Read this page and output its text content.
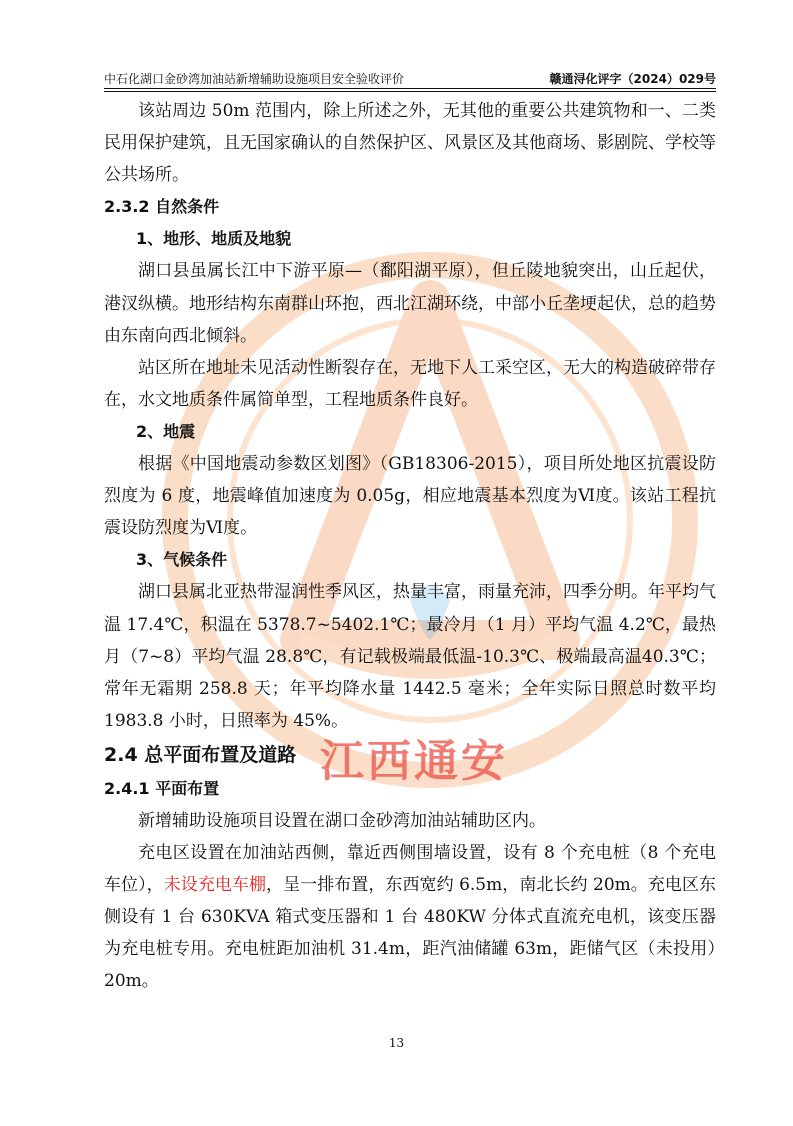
中石化湖口金砂湾加油站新增辅助设施项目安全验收评价	赣通浔化评字（2024）029号
江西通安

该站周边 50m 范围内，除上所述之外，无其他的重要公共建筑物和一、二类民用保护建筑，且无国家确认的自然保护区、风景区及其他商场、影剧院、学校等公共场所。

2.3.2 自然条件

1、地形、地质及地貌

湖口县虽属长江中下游平原—（鄱阳湖平原），但丘陵地貌突出，山丘起伏，港汊纵横。地形结构东南群山环抱，西北江湖环绕，中部小丘垄埂起伏，总的趋势由东南向西北倾斜。

站区所在地址未见活动性断裂存在，无地下人工采空区，无大的构造破碎带存在，水文地质条件属简单型，工程地质条件良好。

2、地震

根据《中国地震动参数区划图》（GB18306-2015），项目所处地区抗震设防烈度为 6 度，地震峰值加速度为 0.05g，相应地震基本烈度为Ⅵ度。该站工程抗震设防烈度为Ⅵ度。

3、气候条件

湖口县属北亚热带湿润性季风区，热量丰富，雨量充沛，四季分明。年平均气温 17.4℃，积温在 5378.7~5402.1℃；最冷月（1 月）平均气温 4.2℃，最热月（7~8）平均气温 28.8℃，有记载极端最低温-10.3℃、极端最高温40.3℃；常年无霜期 258.8 天；年平均降水量 1442.5 毫米；全年实际日照总时数平均 1983.8 小时，日照率为 45%。

2.4 总平面布置及道路

2.4.1 平面布置

新增辅助设施项目设置在湖口金砂湾加油站辅助区内。

充电区设置在加油站西侧，靠近西侧围墙设置，设有 8 个充电桩（8 个充电车位），未设充电车棚，呈一排布置，东西宽约 6.5m，南北长约 20m。充电区东侧设有 1 台 630KVA 箱式变压器和 1 台 480KW 分体式直流充电机，该变压器为充电桩专用。充电桩距加油机 31.4m，距汽油储罐 63m，距储气区（未投用）20m。

13
